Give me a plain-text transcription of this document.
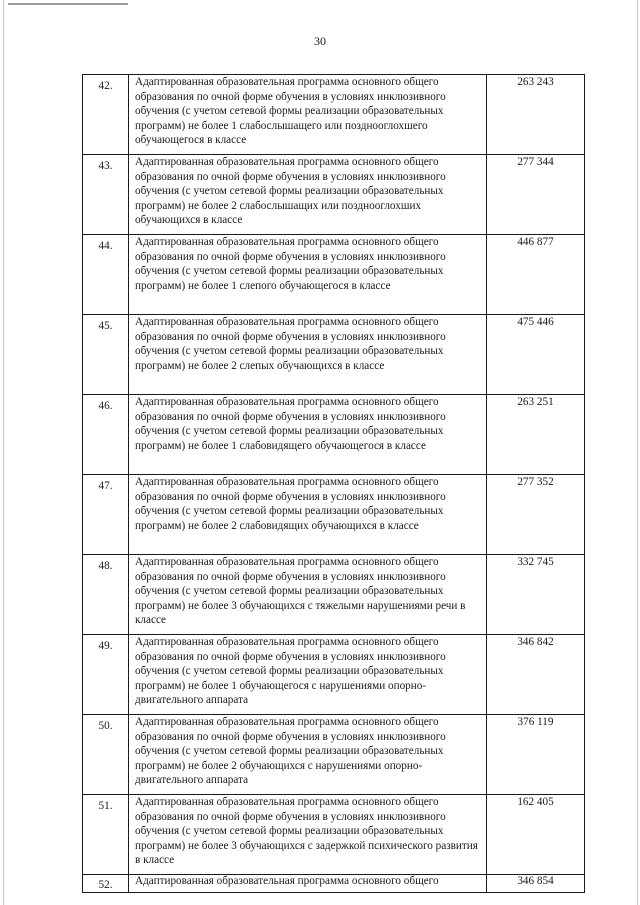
30
42.	Адаптированная образовательная программа основного общего образования по очной форме обучения в условиях инклюзивного обучения (с учетом сетевой формы реализации образовательных программ) не более 1 слабослышащего или позднооглохшего обучающегося в классе	263 243
43.	Адаптированная образовательная программа основного общего образования по очной форме обучения в условиях инклюзивного обучения (с учетом сетевой формы реализации образовательных программ) не более 2 слабослышащих или позднооглохших обучающихся в классе	277 344
44.	Адаптированная образовательная программа основного общего образования по очной форме обучения в условиях инклюзивного обучения (с учетом сетевой формы реализации образовательных программ) не более 1 слепого обучающегося в классе	446 877
45.	Адаптированная образовательная программа основного общего образования по очной форме обучения в условиях инклюзивного обучения (с учетом сетевой формы реализации образовательных программ) не более 2 слепых обучающихся в классе	475 446
46.	Адаптированная образовательная программа основного общего образования по очной форме обучения в условиях инклюзивного обучения (с учетом сетевой формы реализации образовательных программ) не более 1 слабовидящего обучающегося в классе	263 251
47.	Адаптированная образовательная программа основного общего образования по очной форме обучения в условиях инклюзивного обучения (с учетом сетевой формы реализации образовательных программ) не более 2 слабовидящих обучающихся в классе	277 352
48.	Адаптированная образовательная программа основного общего образования по очной форме обучения в условиях инклюзивного обучения (с учетом сетевой формы реализации образовательных программ) не более 3 обучающихся с тяжелыми нарушениями речи в классе	332 745
49.	Адаптированная образовательная программа основного общего образования по очной форме обучения в условиях инклюзивного обучения (с учетом сетевой формы реализации образовательных программ) не более 1 обучающегося с нарушениями опорно-двигательного аппарата	346 842
50.	Адаптированная образовательная программа основного общего образования по очной форме обучения в условиях инклюзивного обучения (с учетом сетевой формы реализации образовательных программ) не более 2 обучающихся с нарушениями опорно-двигательного аппарата	376 119
51.	Адаптированная образовательная программа основного общего образования по очной форме обучения в условиях инклюзивного обучения (с учетом сетевой формы реализации образовательных программ) не более 3 обучающихся с задержкой психического развития в классе	162 405
52.	Адаптированная образовательная программа основного общего	346 854
